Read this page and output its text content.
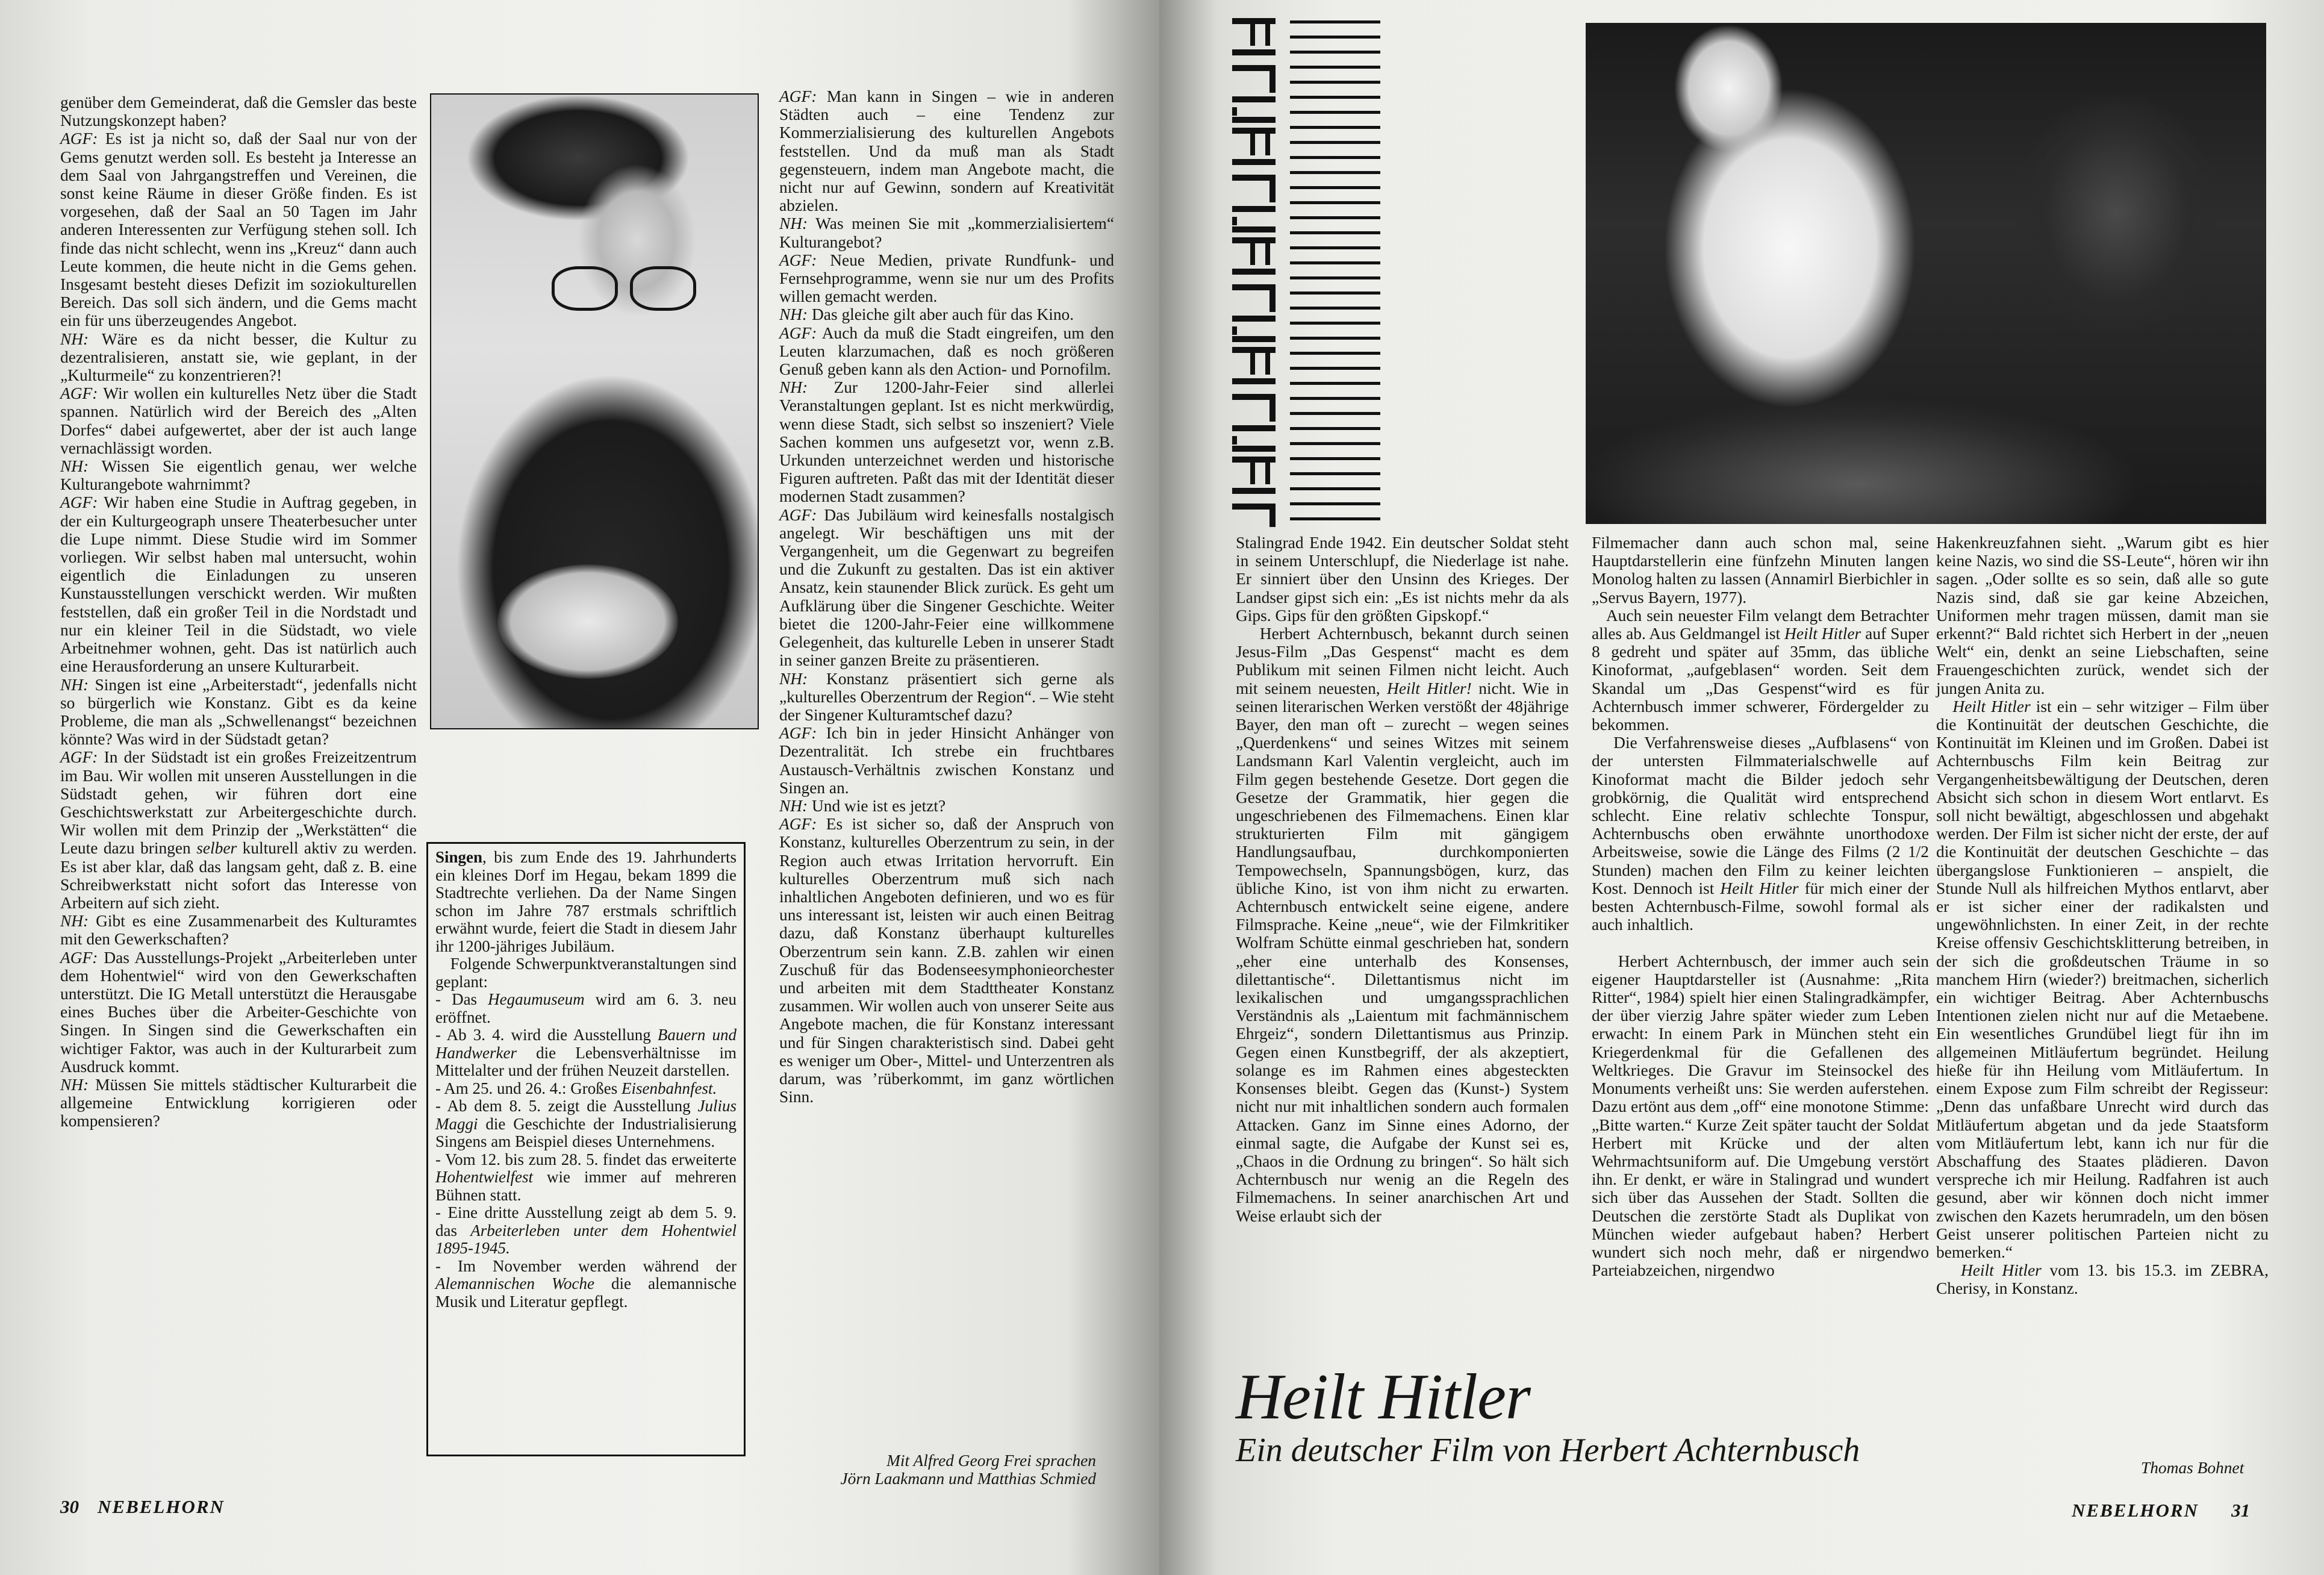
genüber dem Gemeinderat, daß die Gemsler das beste Nutzungskonzept haben?

AGF: Es ist ja nicht so, daß der Saal nur von der Gems genutzt werden soll. Es besteht ja Interesse an dem Saal von Jahrgangstreffen und Vereinen, die sonst keine Räume in dieser Größe finden. Es ist vorgesehen, daß der Saal an 50 Tagen im Jahr anderen Interessenten zur Verfügung stehen soll. Ich finde das nicht schlecht, wenn ins „Kreuz“ dann auch Leute kommen, die heute nicht in die Gems gehen. Insgesamt besteht dieses Defizit im soziokulturellen Bereich. Das soll sich ändern, und die Gems macht ein für uns überzeugendes Angebot.

NH: Wäre es da nicht besser, die Kultur zu dezentralisieren, anstatt sie, wie geplant, in der „Kulturmeile“ zu konzentrieren?!

AGF: Wir wollen ein kulturelles Netz über die Stadt spannen. Natürlich wird der Bereich des „Alten Dorfes“ dabei aufgewertet, aber der ist auch lange vernachlässigt worden.

NH: Wissen Sie eigentlich genau, wer welche Kulturangebote wahrnimmt?

AGF: Wir haben eine Studie in Auftrag gegeben, in der ein Kulturgeograph unsere Theaterbesucher unter die Lupe nimmt. Diese Studie wird im Sommer vorliegen. Wir selbst haben mal untersucht, wohin eigentlich die Einladungen zu unseren Kunstausstellungen verschickt werden. Wir mußten feststellen, daß ein großer Teil in die Nordstadt und nur ein kleiner Teil in die Südstadt, wo viele Arbeitnehmer wohnen, geht. Das ist natürlich auch eine Herausforderung an unsere Kulturarbeit.

NH: Singen ist eine „Arbeiterstadt“, jedenfalls nicht so bürgerlich wie Konstanz. Gibt es da keine Probleme, die man als „Schwellenangst“ bezeichnen könnte? Was wird in der Südstadt getan?

AGF: In der Südstadt ist ein großes Freizeitzentrum im Bau. Wir wollen mit unseren Ausstellungen in die Südstadt gehen, wir führen dort eine Geschichtswerkstatt zur Arbeitergeschichte durch. Wir wollen mit dem Prinzip der „Werkstätten“ die Leute dazu bringen selber kulturell aktiv zu werden. Es ist aber klar, daß das langsam geht, daß z. B. eine Schreibwerkstatt nicht sofort das Interesse von Arbeitern auf sich zieht.

NH: Gibt es eine Zusammenarbeit des Kulturamtes mit den Gewerkschaften?

AGF: Das Ausstellungs-Projekt „Arbeiterleben unter dem Hohentwiel“ wird von den Gewerkschaften unterstützt. Die IG Metall unterstützt die Herausgabe eines Buches über die Arbeiter-Geschichte von Singen. In Singen sind die Gewerkschaften ein wichtiger Faktor, was auch in der Kulturarbeit zum Ausdruck kommt.

NH: Müssen Sie mittels städtischer Kulturarbeit die allgemeine Entwicklung korrigieren oder kompensieren?

Singen, bis zum Ende des 19. Jahrhunderts ein kleines Dorf im Hegau, bekam 1899 die Stadtrechte verliehen. Da der Name Singen schon im Jahre 787 erstmals schriftlich erwähnt wurde, feiert die Stadt in diesem Jahr ihr 1200-jähriges Jubiläum.

Folgende Schwerpunktveranstaltungen sind geplant:

- Das Hegaumuseum wird am 6. 3. neu eröffnet.

- Ab 3. 4. wird die Ausstellung Bauern und Handwerker die Lebensverhältnisse im Mittelalter und der frühen Neuzeit darstellen.

- Am 25. und 26. 4.: Großes Eisenbahnfest.

- Ab dem 8. 5. zeigt die Ausstellung Julius Maggi die Geschichte der Industrialisierung Singens am Beispiel dieses Unternehmens.

- Vom 12. bis zum 28. 5. findet das erweiterte Hohentwielfest wie immer auf mehreren Bühnen statt.

- Eine dritte Ausstellung zeigt ab dem 5. 9. das Arbeiterleben unter dem Hohentwiel 1895-1945.

- Im November werden während der Alemannischen Woche die alemannische Musik und Literatur gepflegt.

AGF: Man kann in Singen – wie in anderen Städten auch – eine Tendenz zur Kommerzialisierung des kulturellen Angebots feststellen. Und da muß man als Stadt gegensteuern, indem man Angebote macht, die nicht nur auf Gewinn, sondern auf Kreativität abzielen.

NH: Was meinen Sie mit „kommerzialisiertem“ Kulturangebot?

AGF: Neue Medien, private Rundfunk- und Fernsehprogramme, wenn sie nur um des Profits willen gemacht werden.

NH: Das gleiche gilt aber auch für das Kino.

AGF: Auch da muß die Stadt eingreifen, um den Leuten klarzumachen, daß es noch größeren Genuß geben kann als den Action- und Pornofilm.

NH: Zur 1200-Jahr-Feier sind allerlei Veranstaltungen geplant. Ist es nicht merkwürdig, wenn diese Stadt, sich selbst so inszeniert? Viele Sachen kommen uns aufgesetzt vor, wenn z.B. Urkunden unterzeichnet werden und historische Figuren auftreten. Paßt das mit der Identität dieser modernen Stadt zusammen?

AGF: Das Jubiläum wird keinesfalls nostalgisch angelegt. Wir beschäftigen uns mit der Vergangenheit, um die Gegenwart zu begreifen und die Zukunft zu gestalten. Das ist ein aktiver Ansatz, kein staunender Blick zurück. Es geht um Aufklärung über die Singener Geschichte. Weiter bietet die 1200-Jahr-Feier eine willkommene Gelegenheit, das kulturelle Leben in unserer Stadt in seiner ganzen Breite zu präsentieren.

NH: Konstanz präsentiert sich gerne als „kulturelles Oberzentrum der Region“. – Wie steht der Singener Kulturamtschef dazu?

AGF: Ich bin in jeder Hinsicht Anhänger von Dezentralität. Ich strebe ein fruchtbares Austausch-Verhältnis zwischen Konstanz und Singen an.

NH: Und wie ist es jetzt?

AGF: Es ist sicher so, daß der Anspruch von Konstanz, kulturelles Oberzentrum zu sein, in der Region auch etwas Irritation hervorruft. Ein kulturelles Oberzentrum muß sich nach inhaltlichen Angeboten definieren, und wo es für uns interessant ist, leisten wir auch einen Beitrag dazu, daß Konstanz überhaupt kulturelles Oberzentrum sein kann. Z.B. zahlen wir einen Zuschuß für das Bodenseesymphonieorchester und arbeiten mit dem Stadttheater Konstanz zusammen. Wir wollen auch von unserer Seite aus Angebote machen, die für Konstanz interessant und für Singen charakteristisch sind. Dabei geht es weniger um Ober-, Mittel- und Unterzentren als darum, was ’rüberkommt, im ganz wörtlichen Sinn.

Mit Alfred Georg Frei sprachen
Jörn Laakmann und Matthias Schmied
30 NEBELHORN

Stalingrad Ende 1942. Ein deutscher Soldat steht in seinem Unterschlupf, die Niederlage ist nahe. Er sinniert über den Unsinn des Krieges. Der Landser gipst sich ein: „Es ist nichts mehr da als Gips. Gips für den größten Gipskopf.“

Herbert Achternbusch, bekannt durch seinen Jesus-Film „Das Gespenst“ macht es dem Publikum mit seinen Filmen nicht leicht. Auch mit seinem neuesten, Heilt Hitler! nicht. Wie in seinen literarischen Werken verstößt der 48jährige Bayer, den man oft – zurecht – wegen seines „Querdenkens“ und seines Witzes mit seinem Landsmann Karl Valentin vergleicht, auch im Film gegen bestehende Gesetze. Dort gegen die Gesetze der Grammatik, hier gegen die ungeschriebenen des Filmemachens. Einen klar strukturierten Film mit gängigem Handlungsaufbau, durchkomponierten Tempowechseln, Spannungsbögen, kurz, das übliche Kino, ist von ihm nicht zu erwarten. Achternbusch entwickelt seine eigene, andere Filmsprache. Keine „neue“, wie der Filmkritiker Wolfram Schütte einmal geschrieben hat, sondern „eher eine unterhalb des Konsenses, dilettantische“. Dilettantismus nicht im lexikalischen und umgangssprachlichen Verständnis als „Laientum mit fachmännischem Ehrgeiz“, sondern Dilettantismus aus Prinzip. Gegen einen Kunstbegriff, der als akzeptiert, solange es im Rahmen eines abgesteckten Konsenses bleibt. Gegen das (Kunst-) System nicht nur mit inhaltlichen sondern auch formalen Attacken. Ganz im Sinne eines Adorno, der einmal sagte, die Aufgabe der Kunst sei es, „Chaos in die Ordnung zu bringen“. So hält sich Achternbusch nur wenig an die Regeln des Filmemachens. In seiner anarchischen Art und Weise erlaubt sich der

Filmemacher dann auch schon mal, seine Hauptdarstellerin eine fünfzehn Minuten langen Monolog halten zu lassen (Annamirl Bierbichler in „Servus Bayern, 1977).

Auch sein neuester Film velangt dem Betrachter alles ab. Aus Geldmangel ist Heilt Hitler auf Super 8 gedreht und später auf 35mm, das übliche Kinoformat, „aufgeblasen“ worden. Seit dem Skandal um „Das Gespenst“wird es für Achternbusch immer schwerer, Fördergelder zu bekommen.

Die Verfahrensweise dieses „Aufblasens“ von der untersten Filmmaterialschwelle auf Kinoformat macht die Bilder jedoch sehr grobkörnig, die Qualität wird entsprechend schlecht. Eine relativ schlechte Tonspur, Achternbuschs oben erwähnte unorthodoxe Arbeitsweise, sowie die Länge des Films (2 1/2 Stunden) machen den Film zu keiner leichten Kost. Dennoch ist Heilt Hitler für mich einer der besten Achternbusch-Filme, sowohl formal als auch inhaltlich.

Herbert Achternbusch, der immer auch sein eigener Hauptdarsteller ist (Ausnahme: „Rita Ritter“, 1984) spielt hier einen Stalingradkämpfer, der über vierzig Jahre später wieder zum Leben erwacht: In einem Park in München steht ein Kriegerdenkmal für die Gefallenen des Weltkrieges. Die Gravur im Steinsockel des Monuments verheißt uns: Sie werden auferstehen. Dazu ertönt aus dem „off“ eine monotone Stimme: „Bitte warten.“ Kurze Zeit später taucht der Soldat Herbert mit Krücke und der alten Wehrmachtsuniform auf. Die Umgebung verstört ihn. Er denkt, er wäre in Stalingrad und wundert sich über das Aussehen der Stadt. Sollten die Deutschen die zerstörte Stadt als Duplikat von München wieder aufgebaut haben? Herbert wundert sich noch mehr, daß er nirgendwo Parteiabzeichen, nirgendwo

Hakenkreuzfahnen sieht. „Warum gibt es hier keine Nazis, wo sind die SS-Leute“, hören wir ihn sagen. „Oder sollte es so sein, daß alle so gute Nazis sind, daß sie gar keine Abzeichen, Uniformen mehr tragen müssen, damit man sie erkennt?“ Bald richtet sich Herbert in der „neuen Welt“ ein, denkt an seine Liebschaften, seine Frauengeschichten zurück, wendet sich der jungen Anita zu.

Heilt Hitler ist ein – sehr witziger – Film über die Kontinuität der deutschen Geschichte, die Kontinuität im Kleinen und im Großen. Dabei ist Achternbuschs Film kein Beitrag zur Vergangenheitsbewältigung der Deutschen, deren Absicht sich schon in diesem Wort entlarvt. Es soll nicht bewältigt, abgeschlossen und abgehakt werden. Der Film ist sicher nicht der erste, der auf die Kontinuität der deutschen Geschichte – das übergangslose Funktionieren – anspielt, die Stunde Null als hilfreichen Mythos entlarvt, aber er ist sicher einer der radikalsten und ungewöhnlichsten. In einer Zeit, in der rechte Kreise offensiv Geschichtsklitterung betreiben, in der sich die großdeutschen Träume in so manchem Hirn (wieder?) breitmachen, sicherlich ein wichtiger Beitrag. Aber Achternbuschs Intentionen zielen nicht nur auf die Metaebene. Ein wesentliches Grundübel liegt für ihn im allgemeinen Mitläufertum begründet. Heilung hieße für ihn Heilung vom Mitläufertum. In einem Expose zum Film schreibt der Regisseur: „Denn das unfaßbare Unrecht wird durch das Mitläufertum abgetan und da jede Staatsform vom Mitläufertum lebt, kann ich nur für die Abschaffung des Staates plädieren. Davon verspreche ich mir Heilung. Radfahren ist auch gesund, aber wir können doch nicht immer zwischen den Kazets herumradeln, um den bösen Geist unserer politischen Parteien nicht zu bemerken.“

Heilt Hitler vom 13. bis 15.3. im ZEBRA, Cherisy, in Konstanz.

Heilt Hitler
Ein deutscher Film von Herbert Achternbusch	Thomas Bohnet
NEBELHORN 31
